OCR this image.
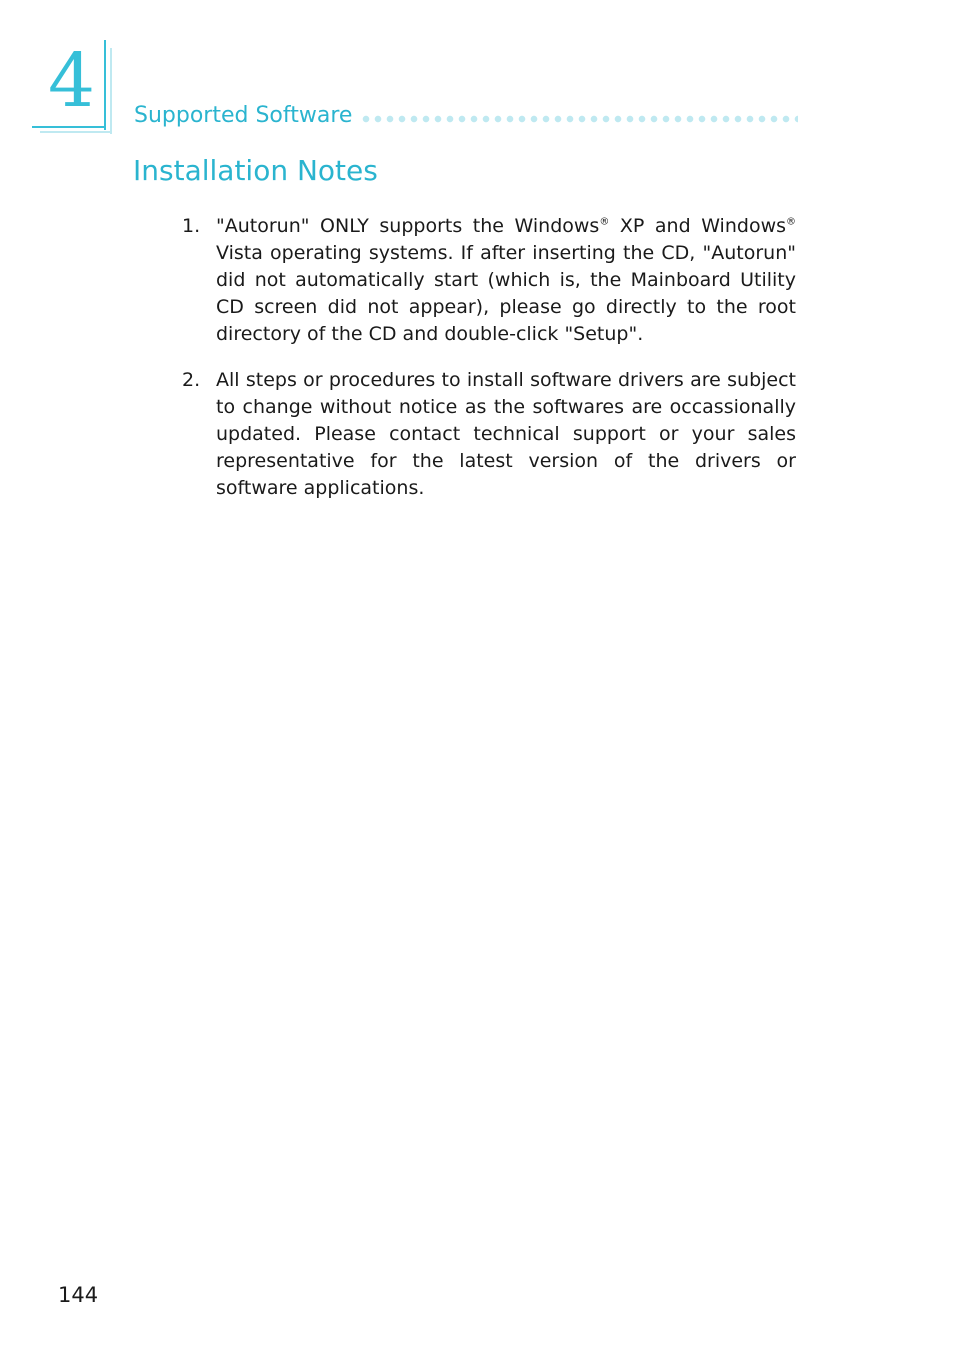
4 Supported Software
Installation Notes
1. "Autorun" ONLY supports the Windows® XP and Windows® Vista operating systems. If after inserting the CD, "Autorun" did not automatically start (which is, the Mainboard Utility CD screen did not appear), please go directly to the root directory of the CD and double-click "Setup".
2. All steps or procedures to install software drivers are subject to change without notice as the softwares are occassionally updated. Please contact technical support or your sales representative for the latest version of the drivers or software applications.
144
